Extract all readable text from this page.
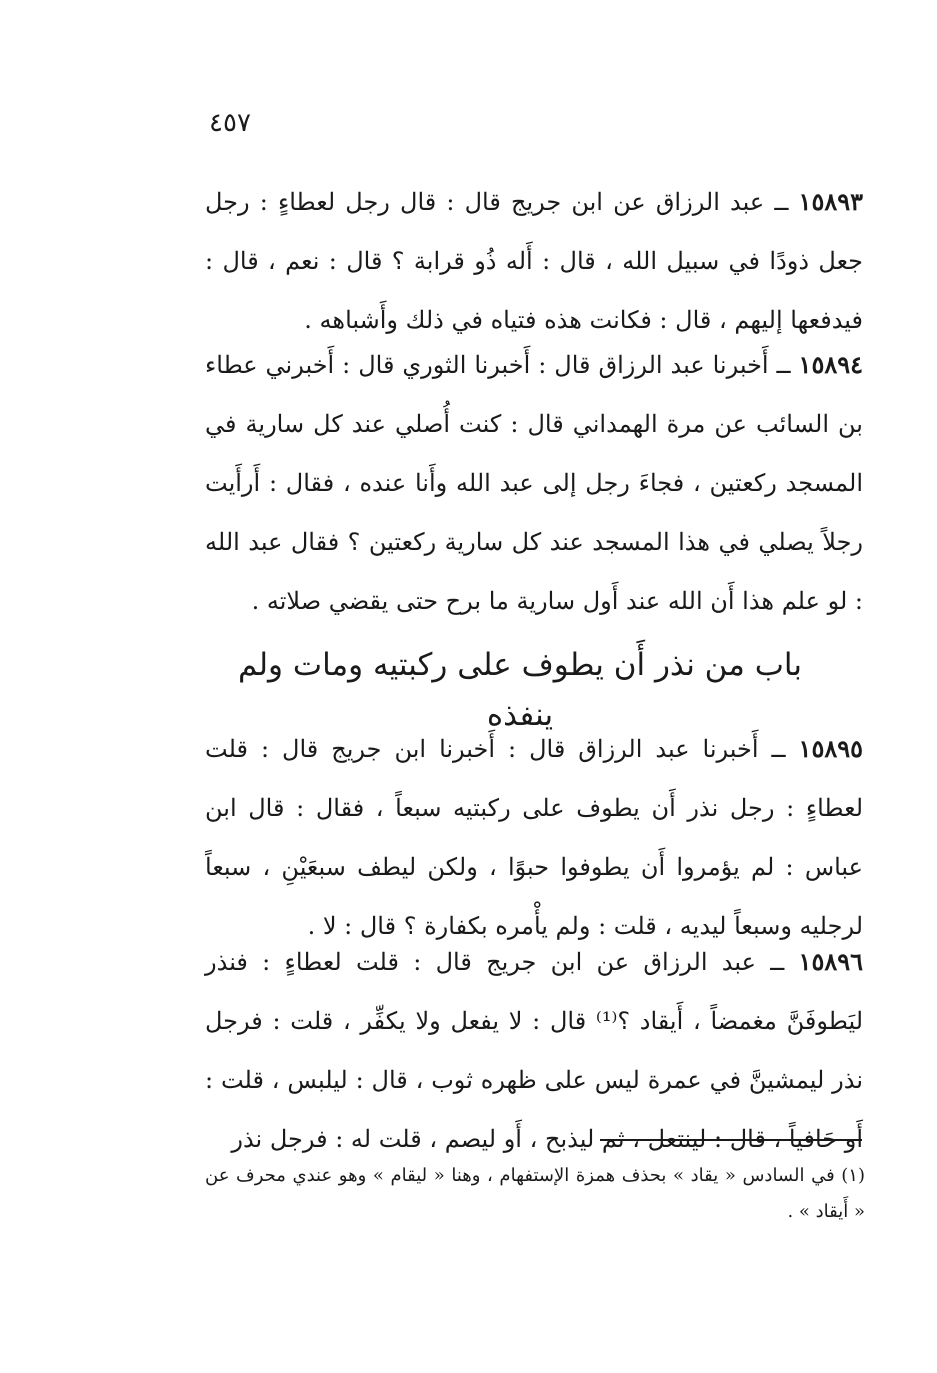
٤٥٧
١٥٨٩٣ ــ عبد الرزاق عن ابن جريج قال : قال رجل لعطاءٍ : رجل جعل ذودًا في سبيل الله ، قال : أَله ذُو قرابة ؟ قال : نعم ، قال : فيدفعها إليهم ، قال : فكانت هذه فتياه في ذلك وأَشباهه .
١٥٨٩٤ ــ أَخبرنا عبد الرزاق قال : أَخبرنا الثوري قال : أَخبرني عطاء بن السائب عن مرة الهمداني قال : كنت أُصلي عند كل سارية في المسجد ركعتين ، فجاءَ رجل إلى عبد الله وأَنا عنده ، فقال : أَرأَيت رجلاً يصلي في هذا المسجد عند كل سارية ركعتين ؟ فقال عبد الله : لو علم هذا أَن الله عند أَول سارية ما برح حتى يقضي صلاته .
باب من نذر أَن يطوف على ركبتيه ومات ولم ينفذه
١٥٨٩٥ ــ أَخبرنا عبد الرزاق قال : أَخبرنا ابن جريج قال : قلت لعطاءٍ : رجل نذر أَن يطوف على ركبتيه سبعاً ، فقال : قال ابن عباس : لم يؤمروا أَن يطوفوا حبوًا ، ولكن ليطف سبعَيْنِ ، سبعاً لرجليه وسبعاً ليديه ، قلت : ولم يأْمره بكفارة ؟ قال : لا .
١٥٨٩٦ ــ عبد الرزاق عن ابن جريج قال : قلت لعطاءٍ : فنذر ليَطوفَنَّ مغمضاً ، أَيقاد ؟⁽¹⁾ قال : لا يفعل ولا يكفِّر ، قلت : فرجل نذر ليمشينَّ في عمرة ليس على ظهره ثوب ، قال : ليلبس ، قلت : أَو حَافياً ، قال : لينتعل ، ثم ليذبح ، أَو ليصم ، قلت له : فرجل نذر
(١) في السادس « يقاد » بحذف همزة الإستفهام ، وهنا « ليقام » وهو عندي محرف عن « أَيقاد » .
